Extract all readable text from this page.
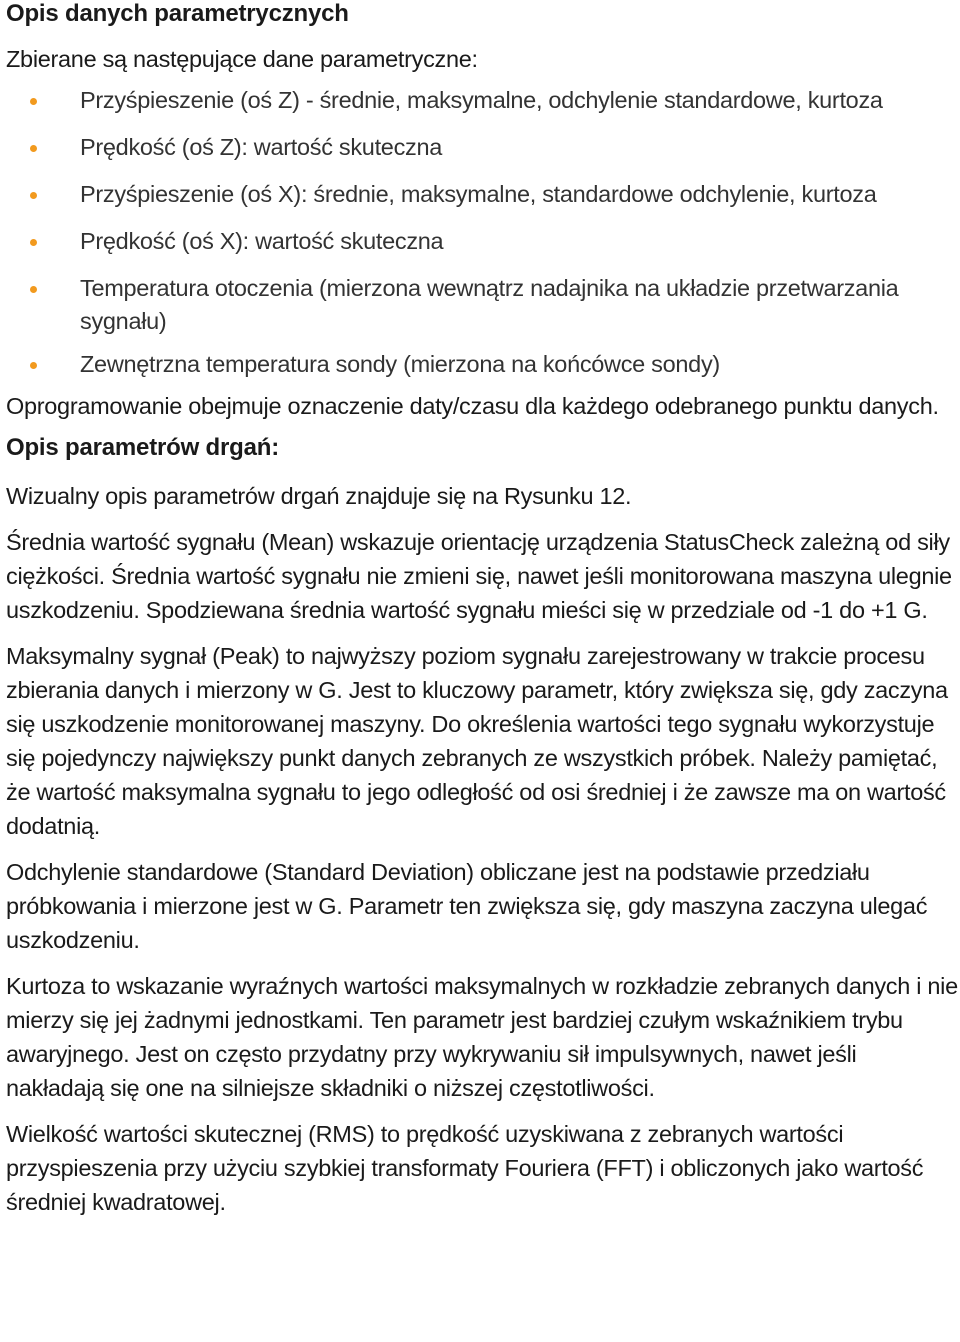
Opis danych parametrycznych

Zbierane są następujące dane parametryczne:

Przyśpieszenie (oś Z) - średnie, maksymalne, odchylenie standardowe, kurtoza
Prędkość (oś Z): wartość skuteczna
Przyśpieszenie (oś X): średnie, maksymalne, standardowe odchylenie, kurtoza
Prędkość (oś X): wartość skuteczna
Temperatura otoczenia (mierzona wewnątrz nadajnika na układzie przetwarzania sygnału)
Zewnętrzna temperatura sondy (mierzona na końcówce sondy)

Oprogramowanie obejmuje oznaczenie daty/czasu dla każdego odebranego punktu danych.

Opis parametrów drgań:

Wizualny opis parametrów drgań znajduje się na Rysunku 12.

Średnia wartość sygnału (Mean) wskazuje orientację urządzenia StatusCheck zależną od siły ciężkości. Średnia wartość sygnału nie zmieni się, nawet jeśli monitorowana maszyna ulegnie uszkodzeniu. Spodziewana średnia wartość sygnału mieści się w przedziale od -1 do +1 G.

Maksymalny sygnał (Peak) to najwyższy poziom sygnału zarejestrowany w trakcie procesu zbierania danych i mierzony w G. Jest to kluczowy parametr, który zwiększa się, gdy zaczyna się uszkodzenie monitorowanej maszyny. Do określenia wartości tego sygnału wykorzystuje się pojedynczy największy punkt danych zebranych ze wszystkich próbek. Należy pamiętać, że wartość maksymalna sygnału to jego odległość od osi średniej i że zawsze ma on wartość dodatnią.

Odchylenie standardowe (Standard Deviation) obliczane jest na podstawie przedziału próbkowania i mierzone jest w G. Parametr ten zwiększa się, gdy maszyna zaczyna ulegać uszkodzeniu.

Kurtoza to wskazanie wyraźnych wartości maksymalnych w rozkładzie zebranych danych i nie mierzy się jej żadnymi jednostkami. Ten parametr jest bardziej czułym wskaźnikiem trybu awaryjnego. Jest on często przydatny przy wykrywaniu sił impulsywnych, nawet jeśli nakładają się one na silniejsze składniki o niższej częstotliwości.

Wielkość wartości skutecznej (RMS) to prędkość uzyskiwana z zebranych wartości przyspieszenia przy użyciu szybkiej transformaty Fouriera (FFT) i obliczonych jako wartość średniej kwadratowej.
